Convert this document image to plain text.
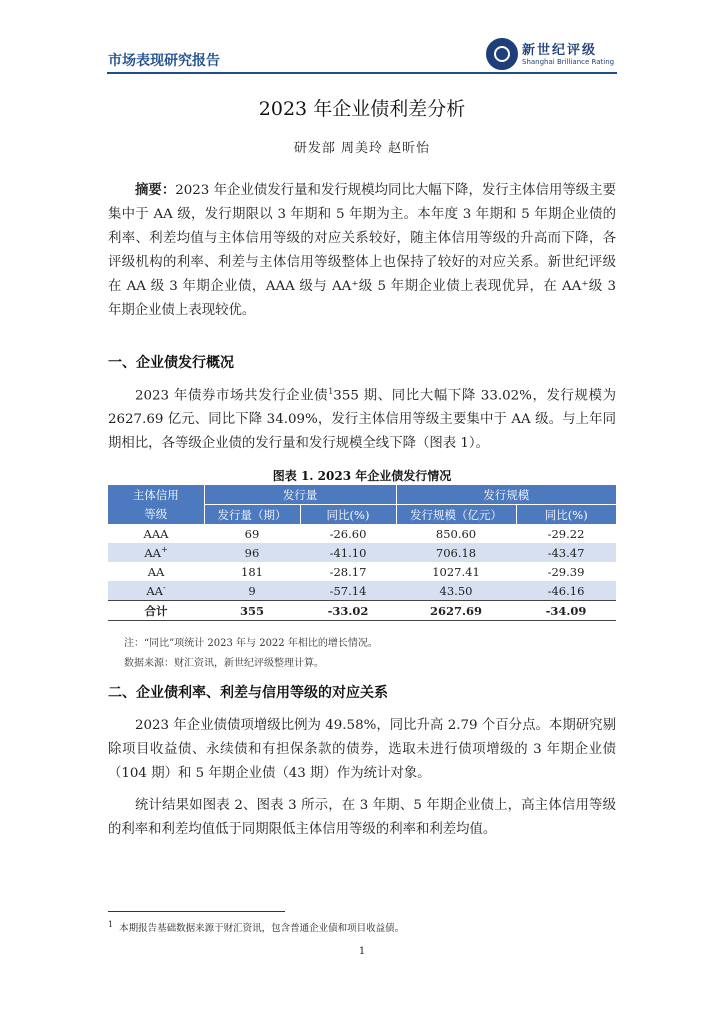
市场表现研究报告
新世纪评级
Shanghai Brilliance Rating
2023 年企业债利差分析
研发部 周美玲 赵昕怡
摘要：2023 年企业债发行量和发行规模均同比大幅下降，发行主体信用等级主要集中于 AA 级，发行期限以 3 年期和 5 年期为主。本年度 3 年期和 5 年期企业债的利率、利差均值与主体信用等级的对应关系较好，随主体信用等级的升高而下降，各评级机构的利率、利差与主体信用等级整体上也保持了较好的对应关系。新世纪评级在 AA 级 3 年期企业债，AAA 级与 AA⁺级 5 年期企业债上表现优异，在 AA⁺级 3 年期企业债上表现较优。
一、企业债发行概况
2023 年债券市场共发行企业债$^1$355 期、同比大幅下降 33.02%，发行规模为 2627.69 亿元、同比下降 34.09%，发行主体信用等级主要集中于 AA 级。与上年同期相比，各等级企业债的发行量和发行规模全线下降（图表 1）。
图表 1. 2023 年企业债发行情况
主体信用
等级	发行量		发行规模	
	发行量（期）	同比(%)	发行规模（亿元）	同比(%)
AAA	69	-26.60	850.60	-29.22
AA+	96	-41.10	706.18	-43.47
AA	181	-28.17	1027.41	-29.39
AA-	9	-57.14	43.50	-46.16
合计	355	-33.02	2627.69	-34.09
注：“同比”项统计 2023 年与 2022 年相比的增长情况。
数据来源：财汇资讯，新世纪评级整理计算。
二、企业债利率、利差与信用等级的对应关系
2023 年企业债债项增级比例为 49.58%，同比升高 2.79 个百分点。本期研究剔除项目收益债、永续债和有担保条款的债券，选取未进行债项增级的 3 年期企业债（104 期）和 5 年期企业债（43 期）作为统计对象。
统计结果如图表 2、图表 3 所示，在 3 年期、5 年期企业债上，高主体信用等级的利率和利差均值低于同期限低主体信用等级的利率和利差均值。
$^1$ 本期报告基础数据来源于财汇资讯，包含普通企业债和项目收益债。
1
